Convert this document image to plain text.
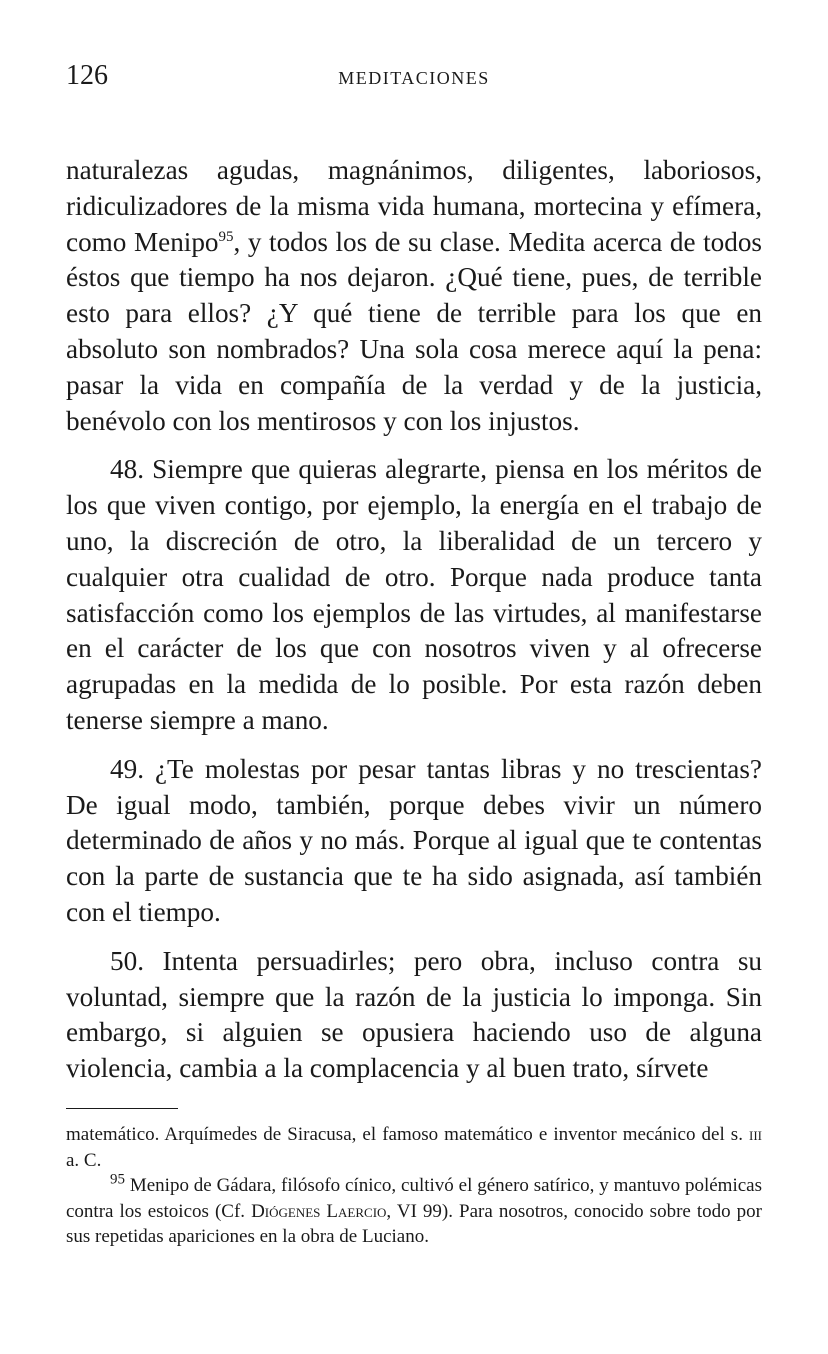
126	MEDITACIONES

naturalezas agudas, magnánimos, diligentes, laboriosos, ridiculizadores de la misma vida humana, mortecina y efímera, como Menipo$^{95}$, y todos los de su clase. Medita acerca de todos éstos que tiempo ha nos dejaron. ¿Qué tiene, pues, de terrible esto para ellos? ¿Y qué tiene de terrible para los que en absoluto son nombrados? Una sola cosa merece aquí la pena: pasar la vida en compañía de la verdad y de la justicia, benévolo con los mentirosos y con los injustos.

48. Siempre que quieras alegrarte, piensa en los méritos de los que viven contigo, por ejemplo, la energía en el trabajo de uno, la discreción de otro, la liberalidad de un tercero y cualquier otra cualidad de otro. Porque nada produce tanta satisfacción como los ejemplos de las virtudes, al manifestarse en el carácter de los que con nosotros viven y al ofrecerse agrupadas en la medida de lo posible. Por esta razón deben tenerse siempre a mano.

49. ¿Te molestas por pesar tantas libras y no trescientas? De igual modo, también, porque debes vivir un número determinado de años y no más. Porque al igual que te contentas con la parte de sustancia que te ha sido asignada, así también con el tiempo.

50. Intenta persuadirles; pero obra, incluso contra su voluntad, siempre que la razón de la justicia lo imponga. Sin embargo, si alguien se opusiera haciendo uso de alguna violencia, cambia a la complacencia y al buen trato, sírvete

matemático. Arquímedes de Siracusa, el famoso matemático e inventor mecánico del s. iii a. C.

$^{95}$ Menipo de Gádara, filósofo cínico, cultivó el género satírico, y mantuvo polémicas contra los estoicos (Cf. Diógenes Laercio, VI 99). Para nosotros, conocido sobre todo por sus repetidas apariciones en la obra de Luciano.
